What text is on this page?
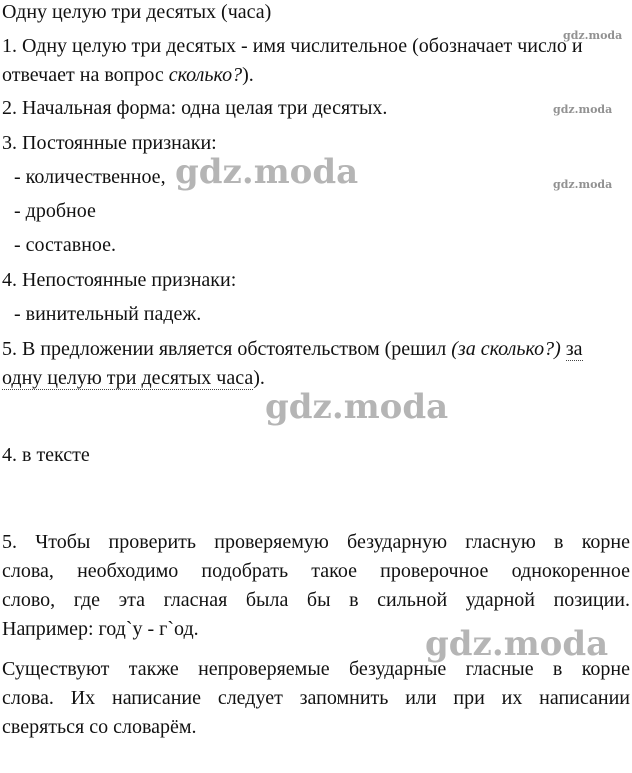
Одну целую три десятых (часа)
1. Одну целую три десятых - имя числительное (обозначает число и
отвечает на вопрос сколько?).
2. Начальная форма: одна целая три десятых.
3. Постоянные признаки:
- количественное,
- дробное
- составное.
4. Непостоянные признаки:
- винительный падеж.
5. В предложении является обстоятельством (решил (за сколько?) за
одну целую три десятых часа).
4. в тексте
5. Чтобы проверить проверяемую безударную гласную в корне
слова, необходимо подобрать такое проверочное однокоренное
слово, где эта гласная была бы в сильной ударной позиции.
Например: год`у - г`од.
Существуют также непроверяемые безударные гласные в корне
слова. Их написание следует запомнить или при их написании
сверяться со словарём.
gdz.moda
gdz.moda
gdz.moda
gdz.moda
gdz.moda
gdz.moda
